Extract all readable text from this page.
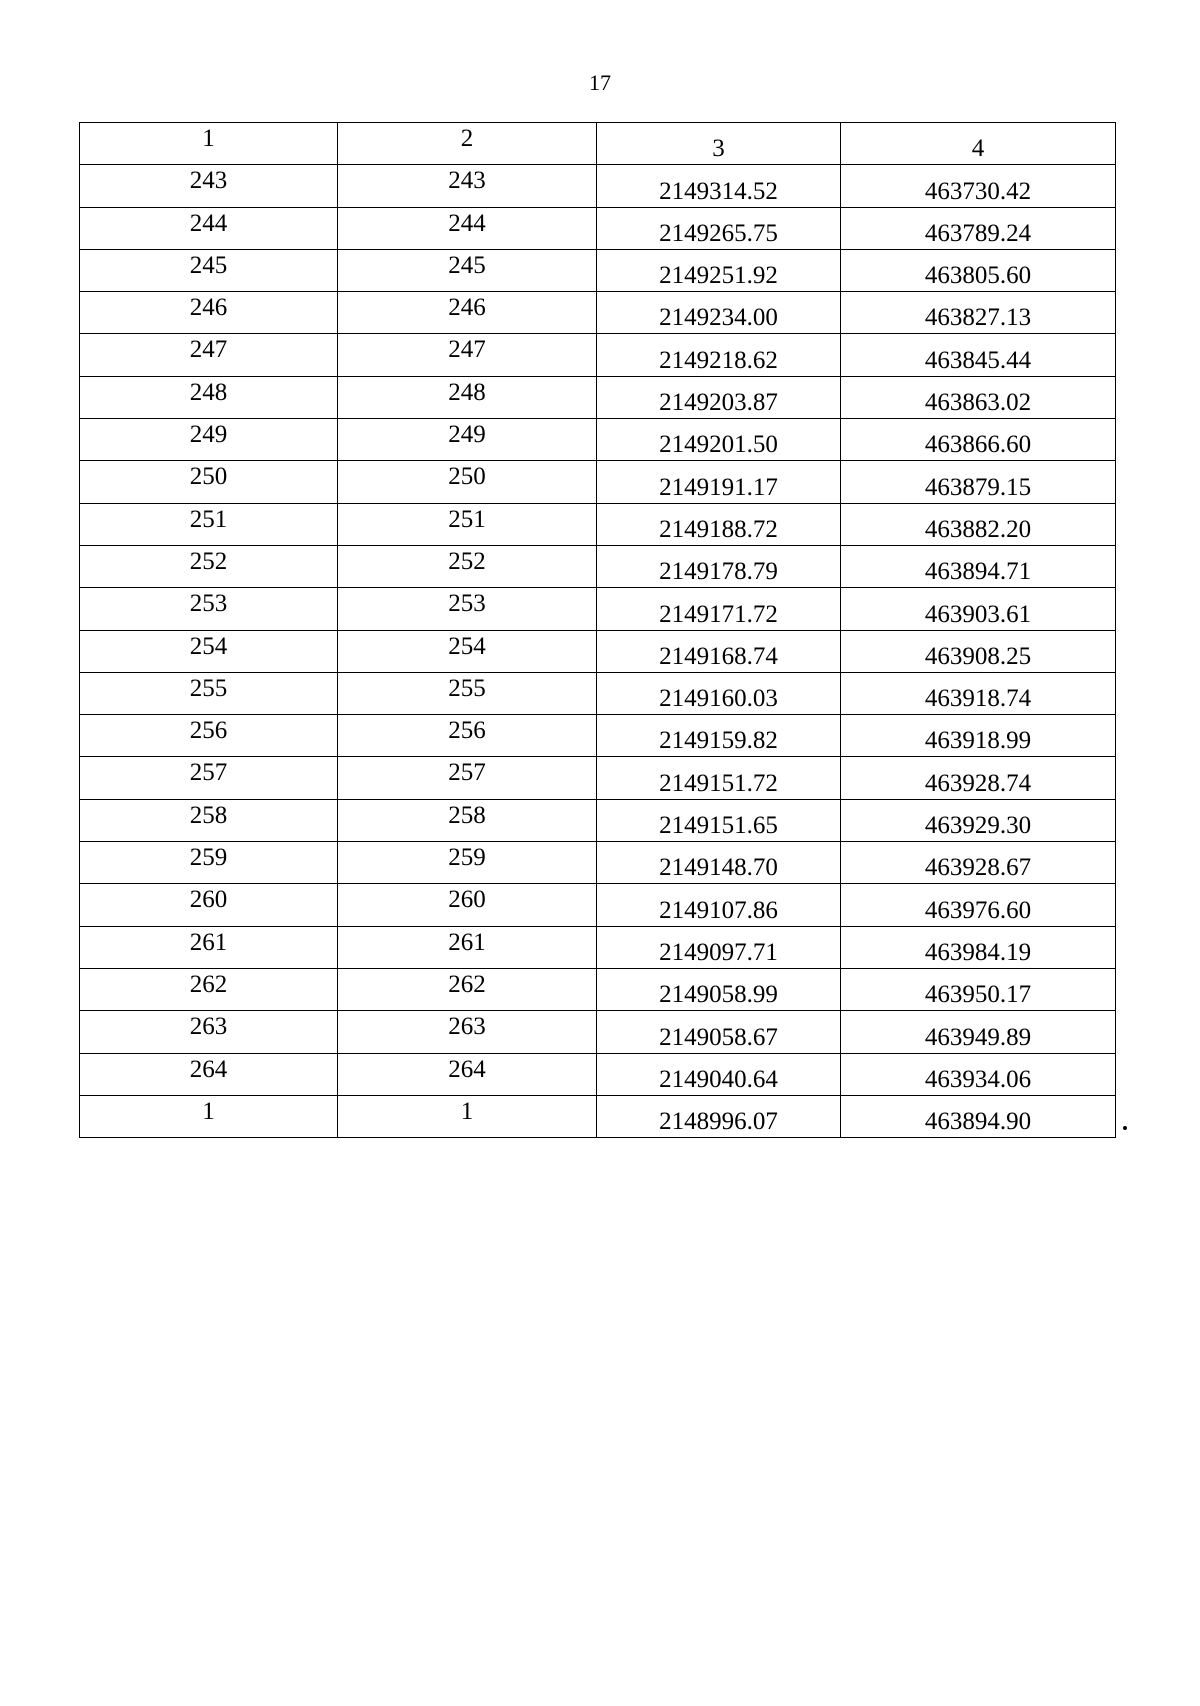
17
1	2	3	4
243	243	2149314.52	463730.42
244	244	2149265.75	463789.24
245	245	2149251.92	463805.60
246	246	2149234.00	463827.13
247	247	2149218.62	463845.44
248	248	2149203.87	463863.02
249	249	2149201.50	463866.60
250	250	2149191.17	463879.15
251	251	2149188.72	463882.20
252	252	2149178.79	463894.71
253	253	2149171.72	463903.61
254	254	2149168.74	463908.25
255	255	2149160.03	463918.74
256	256	2149159.82	463918.99
257	257	2149151.72	463928.74
258	258	2149151.65	463929.30
259	259	2149148.70	463928.67
260	260	2149107.86	463976.60
261	261	2149097.71	463984.19
262	262	2149058.99	463950.17
263	263	2149058.67	463949.89
264	264	2149040.64	463934.06
1	1	2148996.07	463894.90
